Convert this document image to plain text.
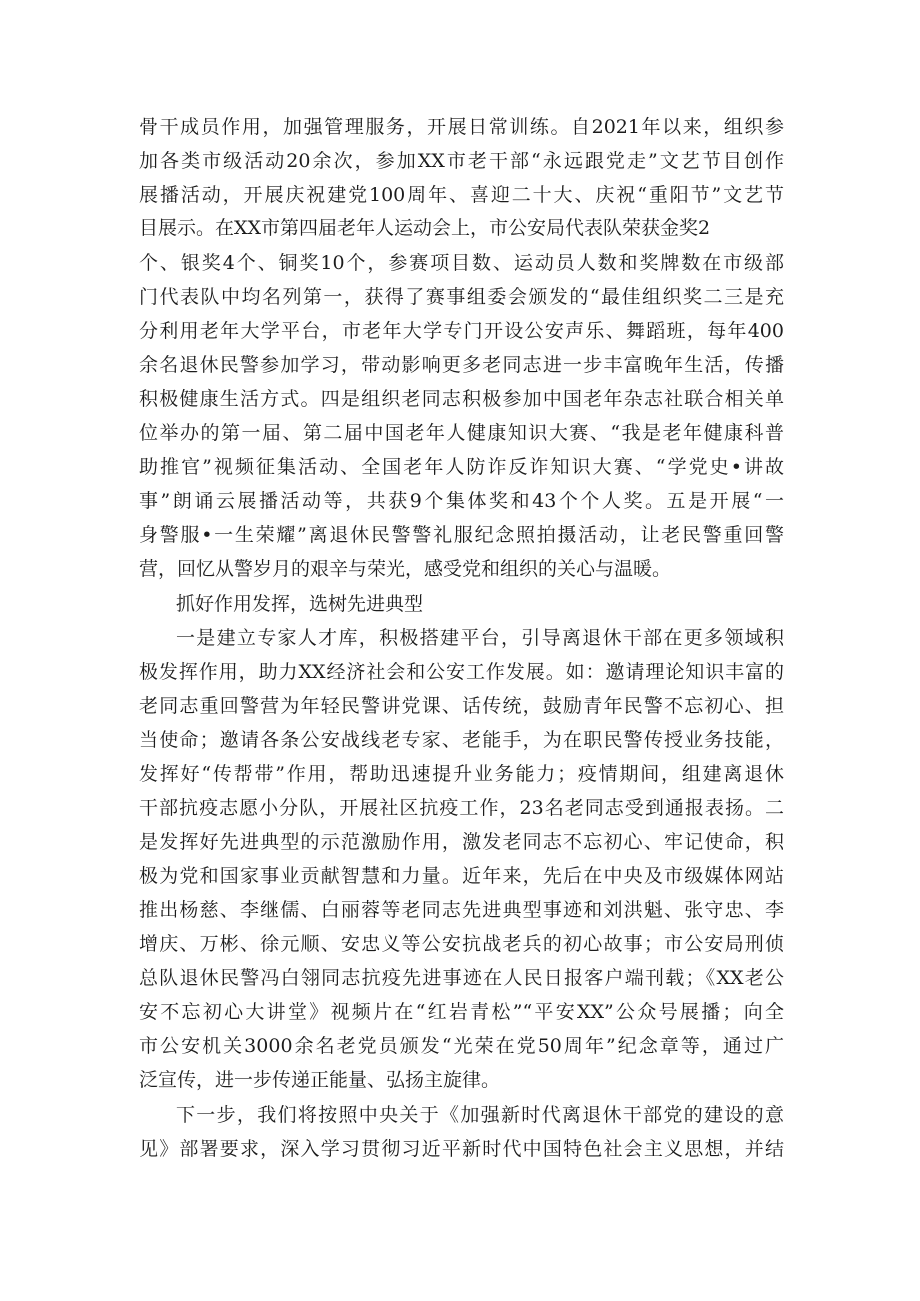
骨干成员作用，加强管理服务，开展日常训练。自2021年以来，组织参
加各类市级活动20余次，参加XX市老干部“永远跟党走”文艺节目创作
展播活动，开展庆祝建党100周年、喜迎二十大、庆祝“重阳节”文艺节
目展示。在XX市第四届老年人运动会上，市公安局代表队荣获金奖2
个、银奖4个、铜奖10个，参赛项目数、运动员人数和奖牌数在市级部
门代表队中均名列第一，获得了赛事组委会颁发的“最佳组织奖二三是充
分利用老年大学平台，市老年大学专门开设公安声乐、舞蹈班，每年400
余名退休民警参加学习，带动影响更多老同志进一步丰富晚年生活，传播
积极健康生活方式。四是组织老同志积极参加中国老年杂志社联合相关单
位举办的第一届、第二届中国老年人健康知识大赛、“我是老年健康科普
助推官”视频征集活动、全国老年人防诈反诈知识大赛、“学党史•讲故
事”朗诵云展播活动等，共获9个集体奖和43个个人奖。五是开展“一
身警服•一生荣耀”离退休民警警礼服纪念照拍摄活动，让老民警重回警
营，回忆从警岁月的艰辛与荣光，感受党和组织的关心与温暖。
抓好作用发挥，选树先进典型
一是建立专家人才库，积极搭建平台，引导离退休干部在更多领域积
极发挥作用，助力XX经济社会和公安工作发展。如：邀请理论知识丰富的
老同志重回警营为年轻民警讲党课、话传统，鼓励青年民警不忘初心、担
当使命；邀请各条公安战线老专家、老能手，为在职民警传授业务技能，
发挥好“传帮带”作用，帮助迅速提升业务能力；疫情期间，组建离退休
干部抗疫志愿小分队，开展社区抗疫工作，23名老同志受到通报表扬。二
是发挥好先进典型的示范激励作用，激发老同志不忘初心、牢记使命，积
极为党和国家事业贡献智慧和力量。近年来，先后在中央及市级媒体网站
推出杨慈、李继儒、白丽蓉等老同志先进典型事迹和刘洪魁、张守忠、李
增庆、万彬、徐元顺、安忠义等公安抗战老兵的初心故事；市公安局刑侦
总队退休民警冯白翎同志抗疫先进事迹在人民日报客户端刊载；《XX老公
安不忘初心大讲堂》视频片在“红岩青松”“平安XX”公众号展播；向全
市公安机关3000余名老党员颁发“光荣在党50周年”纪念章等，通过广
泛宣传，进一步传递正能量、弘扬主旋律。
下一步，我们将按照中央关于《加强新时代离退休干部党的建设的意
见》部署要求，深入学习贯彻习近平新时代中国特色社会主义思想，并结
